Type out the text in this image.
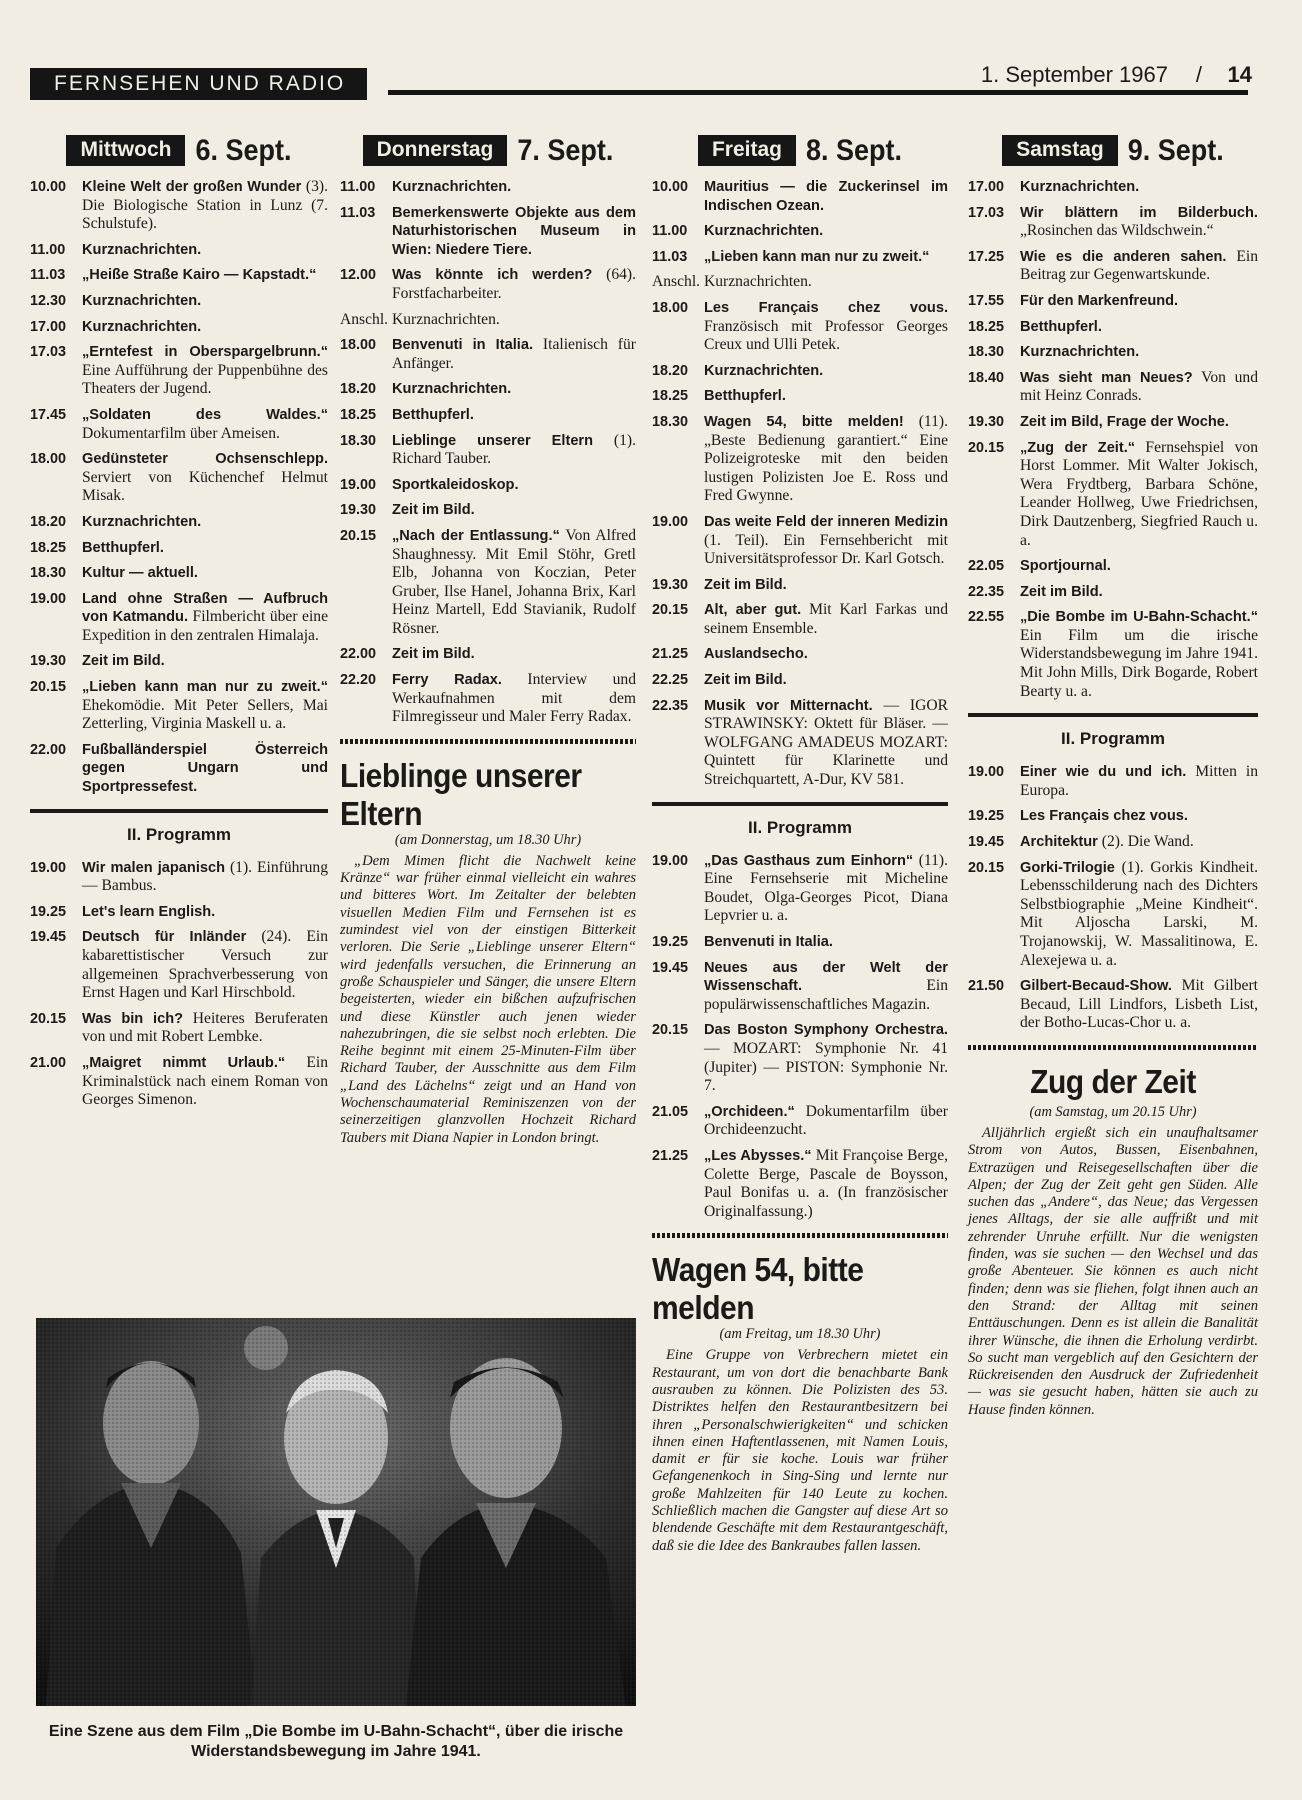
FERNSEHEN UND RADIO	1. September 1967 / 14
Mittwoch 6. Sept.
10.00	Kleine Welt der großen Wunder (3). Die Biologische Station in Lunz (7. Schulstufe).
11.00	Kurznachrichten.
11.03	„Heiße Straße Kairo — Kapstadt.“
12.30	Kurznachrichten.
17.00	Kurznachrichten.
17.03	„Erntefest in Oberspargelbrunn.“ Eine Aufführung der Puppenbühne des Theaters der Jugend.
17.45	„Soldaten des Waldes.“ Dokumentarfilm über Ameisen.
18.00	Gedünsteter Ochsenschlepp. Serviert von Küchenchef Helmut Misak.
18.20	Kurznachrichten.
18.25	Betthupferl.
18.30	Kultur — aktuell.
19.00	Land ohne Straßen — Aufbruch von Katmandu. Filmbericht über eine Expedition in den zentralen Himalaja.
19.30	Zeit im Bild.
20.15	„Lieben kann man nur zu zweit.“ Ehekomödie. Mit Peter Sellers, Mai Zetterling, Virginia Maskell u. a.
22.00	Fußballänderspiel Österreich gegen Ungarn und Sportpressefest.
II. Programm
19.00	Wir malen japanisch (1). Einführung — Bambus.
19.25	Let's learn English.
19.45	Deutsch für Inländer (24). Ein kabarettistischer Versuch zur allgemeinen Sprachverbesserung von Ernst Hagen und Karl Hirschbold.
20.15	Was bin ich? Heiteres Beruferaten von und mit Robert Lembke.
21.00	„Maigret nimmt Urlaub.“ Ein Kriminalstück nach einem Roman von Georges Simenon.
Donnerstag 7. Sept.
11.00	Kurznachrichten.
11.03	Bemerkenswerte Objekte aus dem Naturhistorischen Museum in Wien: Niedere Tiere.
12.00	Was könnte ich werden? (64). Forstfacharbeiter.
Anschl. Kurznachrichten.
18.00	Benvenuti in Italia. Italienisch für Anfänger.
18.20	Kurznachrichten.
18.25	Betthupferl.
18.30	Lieblinge unserer Eltern (1). Richard Tauber.
19.00	Sportkaleidoskop.
19.30	Zeit im Bild.
20.15	„Nach der Entlassung.“ Von Alfred Shaughnessy. Mit Emil Stöhr, Gretl Elb, Johanna von Koczian, Peter Gruber, Ilse Hanel, Johanna Brix, Karl Heinz Martell, Edd Stavianik, Rudolf Rösner.
22.00	Zeit im Bild.
22.20	Ferry Radax. Interview und Werkaufnahmen mit dem Filmregisseur und Maler Ferry Radax.
Lieblinge unserer Eltern
(am Donnerstag, um 18.30 Uhr)
„Dem Mimen flicht die Nachwelt keine Kränze“ war früher einmal vielleicht ein wahres und bitteres Wort. Im Zeitalter der belebten visuellen Medien Film und Fernsehen ist es zumindest viel von der einstigen Bitterkeit verloren. Die Serie „Lieblinge unserer Eltern“ wird jedenfalls versuchen, die Erinnerung an große Schauspieler und Sänger, die unsere Eltern begeisterten, wieder ein bißchen aufzufrischen und diese Künstler auch jenen wieder nahezubringen, die sie selbst noch erlebten. Die Reihe beginnt mit einem 25-Minuten-Film über Richard Tauber, der Ausschnitte aus dem Film „Land des Lächelns“ zeigt und an Hand von Wochenschaumaterial Reminiszenzen von der seinerzeitigen glanzvollen Hochzeit Richard Taubers mit Diana Napier in London bringt.
Freitag 8. Sept.
10.00	Mauritius — die Zuckerinsel im Indischen Ozean.
11.00	Kurznachrichten.
11.03	„Lieben kann man nur zu zweit.“
Anschl. Kurznachrichten.
18.00	Les Français chez vous. Französisch mit Professor Georges Creux und Ulli Petek.
18.20	Kurznachrichten.
18.25	Betthupferl.
18.30	Wagen 54, bitte melden! (11). „Beste Bedienung garantiert.“ Eine Polizeigroteske mit den beiden lustigen Polizisten Joe E. Ross und Fred Gwynne.
19.00	Das weite Feld der inneren Medizin (1. Teil). Ein Fernsehbericht mit Universitätsprofessor Dr. Karl Gotsch.
19.30	Zeit im Bild.
20.15	Alt, aber gut. Mit Karl Farkas und seinem Ensemble.
21.25	Auslandsecho.
22.25	Zeit im Bild.
22.35	Musik vor Mitternacht. — IGOR STRAWINSKY: Oktett für Bläser. — WOLFGANG AMADEUS MOZART: Quintett für Klarinette und Streichquartett, A-Dur, KV 581.
II. Programm
19.00	„Das Gasthaus zum Einhorn“ (11). Eine Fernsehserie mit Micheline Boudet, Olga-Georges Picot, Diana Lepvrier u. a.
19.25	Benvenuti in Italia.
19.45	Neues aus der Welt der Wissenschaft. Ein populärwissenschaftliches Magazin.
20.15	Das Boston Symphony Orchestra. — MOZART: Symphonie Nr. 41 (Jupiter) — PISTON: Symphonie Nr. 7.
21.05	„Orchideen.“ Dokumentarfilm über Orchideenzucht.
21.25	„Les Abysses.“ Mit Françoise Berge, Colette Berge, Pascale de Boysson, Paul Bonifas u. a. (In französischer Originalfassung.)
Wagen 54, bitte melden
(am Freitag, um 18.30 Uhr)
Eine Gruppe von Verbrechern mietet ein Restaurant, um von dort die benachbarte Bank ausrauben zu können. Die Polizisten des 53. Distriktes helfen den Restaurantbesitzern bei ihren „Personalschwierigkeiten“ und schicken ihnen einen Haftentlassenen, mit Namen Louis, damit er für sie koche. Louis war früher Gefangenenkoch in Sing-Sing und lernte nur große Mahlzeiten für 140 Leute zu kochen. Schließlich machen die Gangster auf diese Art so blendende Geschäfte mit dem Restaurantgeschäft, daß sie die Idee des Bankraubes fallen lassen.
Samstag 9. Sept.
17.00	Kurznachrichten.
17.03	Wir blättern im Bilderbuch. „Rosinchen das Wildschwein.“
17.25	Wie es die anderen sahen. Ein Beitrag zur Gegenwartskunde.
17.55	Für den Markenfreund.
18.25	Betthupferl.
18.30	Kurznachrichten.
18.40	Was sieht man Neues? Von und mit Heinz Conrads.
19.30	Zeit im Bild, Frage der Woche.
20.15	„Zug der Zeit.“ Fernsehspiel von Horst Lommer. Mit Walter Jokisch, Wera Frydtberg, Barbara Schöne, Leander Hollweg, Uwe Friedrichsen, Dirk Dautzenberg, Siegfried Rauch u. a.
22.05	Sportjournal.
22.35	Zeit im Bild.
22.55	„Die Bombe im U-Bahn-Schacht.“ Ein Film um die irische Widerstandsbewegung im Jahre 1941. Mit John Mills, Dirk Bogarde, Robert Bearty u. a.
II. Programm
19.00	Einer wie du und ich. Mitten in Europa.
19.25	Les Français chez vous.
19.45	Architektur (2). Die Wand.
20.15	Gorki-Trilogie (1). Gorkis Kindheit. Lebensschilderung nach des Dichters Selbstbiographie „Meine Kindheit“. Mit Aljoscha Larski, M. Trojanowskij, W. Massalitinowa, E. Alexejewa u. a.
21.50	Gilbert-Becaud-Show. Mit Gilbert Becaud, Lill Lindfors, Lisbeth List, der Botho-Lucas-Chor u. a.
Zug der Zeit
(am Samstag, um 20.15 Uhr)
Alljährlich ergießt sich ein unaufhaltsamer Strom von Autos, Bussen, Eisenbahnen, Extrazügen und Reisegesellschaften über die Alpen; der Zug der Zeit geht gen Süden. Alle suchen das „Andere“, das Neue; das Vergessen jenes Alltags, der sie alle auffrißt und mit zehrender Unruhe erfüllt. Nur die wenigsten finden, was sie suchen — den Wechsel und das große Abenteuer. Sie können es auch nicht finden; denn was sie fliehen, folgt ihnen auch an den Strand: der Alltag mit seinen Enttäuschungen. Denn es ist allein die Banalität ihrer Wünsche, die ihnen die Erholung verdirbt. So sucht man vergeblich auf den Gesichtern der Rückreisenden den Ausdruck der Zufriedenheit — was sie gesucht haben, hätten sie auch zu Hause finden können.
Eine Szene aus dem Film „Die Bombe im U-Bahn-Schacht“, über die irische Widerstandsbewegung im Jahre 1941.
